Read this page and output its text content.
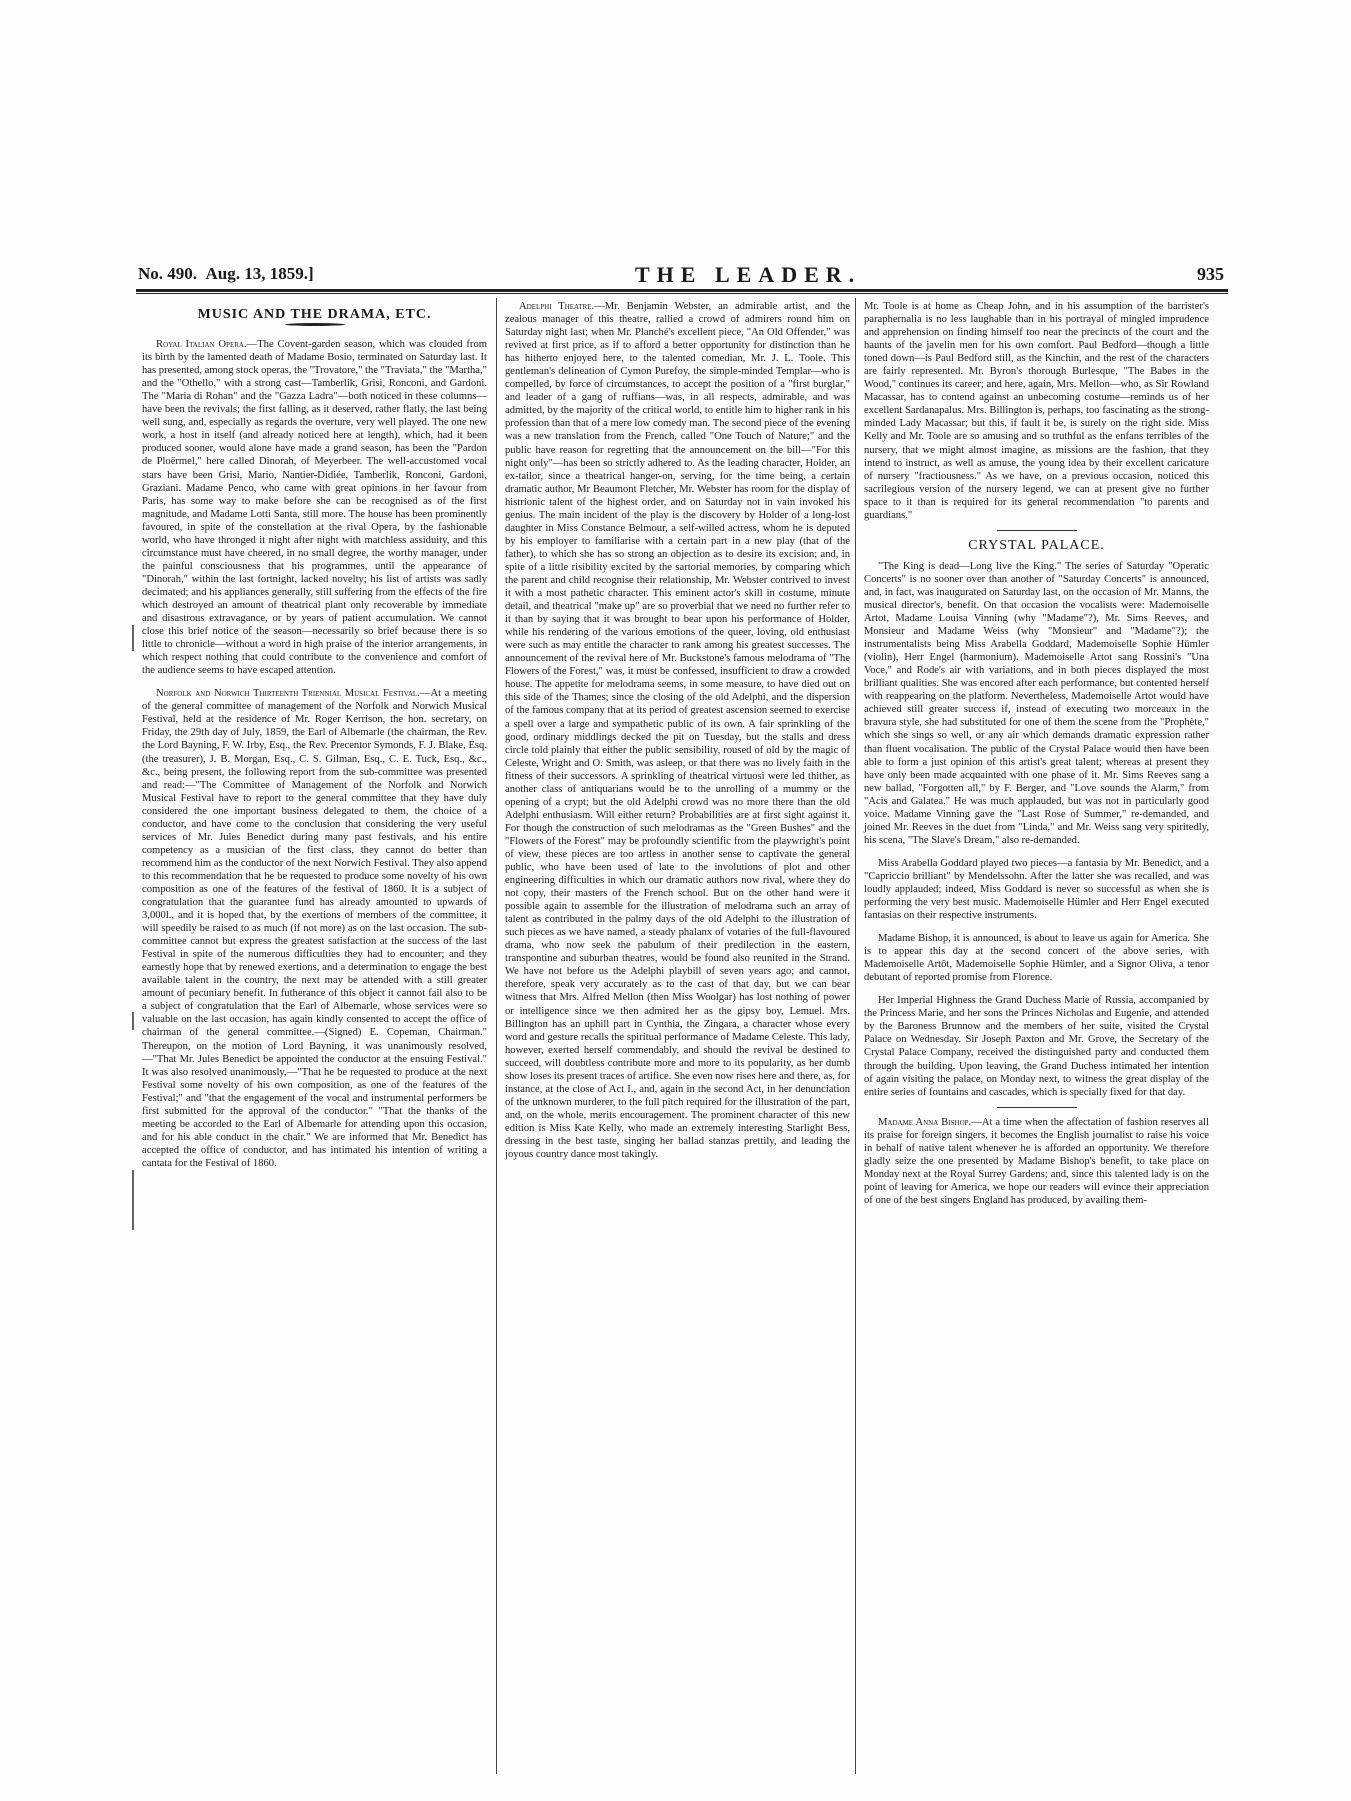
No. 490. Aug. 13, 1859.]	THE LEADER.	935
MUSIC AND THE DRAMA, ETC.

Royal Italian Opera.—The Covent-garden season, which was clouded from its birth by the lamented death of Madame Bosio, terminated on Saturday last. It has presented, among stock operas, the "Trovatore," the "Traviata," the "Martha," and the "Othello," with a strong cast—Tamberlik, Grisi, Ronconi, and Gardoni. The "Maria di Rohan" and the "Gazza Ladra"—both noticed in these columns—have been the revivals; the first falling, as it deserved, rather flatly, the last being well sung, and, especially as regards the overture, very well played. The one new work, a host in itself (and already noticed here at length), which, had it been produced sooner, would alone have made a grand season, has been the "Pardon de Ploërmel," here called Dinorah, of Meyerbeer. The well-accustomed vocal stars have been Grisi, Mario, Nantier-Didiée, Tamberlik, Ronconi, Gardoni, Graziani. Madame Penco, who came with great opinions in her favour from Paris, has some way to make before she can be recognised as of the first magnitude, and Madame Lotti Santa, still more. The house has been prominently favoured, in spite of the constellation at the rival Opera, by the fashionable world, who have thronged it night after night with matchless assiduity, and this circumstance must have cheered, in no small degree, the worthy manager, under the painful consciousness that his programmes, until the appearance of "Dinorah," within the last fortnight, lacked novelty; his list of artists was sadly decimated; and his appliances generally, still suffering from the effects of the fire which destroyed an amount of theatrical plant only recoverable by immediate and disastrous extravagance, or by years of patient accumulation. We cannot close this brief notice of the season—necessarily so brief because there is so little to chronicle—without a word in high praise of the interior arrangements, in which respect nothing that could contribute to the convenience and comfort of the audience seems to have escaped attention.

Norfolk and Norwich Thirteenth Triennial Musical Festival.—At a meeting of the general committee of management of the Norfolk and Norwich Musical Festival, held at the residence of Mr. Roger Kerrison, the hon. secretary, on Friday, the 29th day of July, 1859, the Earl of Albemarle (the chairman, the Rev. the Lord Bayning, F. W. Irby, Esq., the Rev. Precentor Symonds, F. J. Blake, Esq. (the treasurer), J. B. Morgan, Esq., C. S. Gilman, Esq., C. E. Tuck, Esq., &c., &c., being present, the following report from the sub-committee was presented and read:—"The Committee of Management of the Norfolk and Norwich Musical Festival have to report to the general committee that they have duly considered the one important business delegated to them, the choice of a conductor, and have come to the conclusion that considering the very useful services of Mr. Jules Benedict during many past festivals, and his entire competency as a musician of the first class, they cannot do better than recommend him as the conductor of the next Norwich Festival. They also append to this recommendation that he be requested to produce some novelty of his own composition as one of the features of the festival of 1860. It is a subject of congratulation that the guarantee fund has already amounted to upwards of 3,000l., and it is hoped that, by the exertions of members of the committee, it will speedily be raised to as much (if not more) as on the last occasion. The sub-committee cannot but express the greatest satisfaction at the success of the last Festival in spite of the numerous difficulties they had to encounter; and they earnestly hope that by renewed exertions, and a determination to engage the best available talent in the country, the next may be attended with a still greater amount of pecuniary benefit. In futherance of this object it cannot fail also to be a subject of congratulation that the Earl of Albemarle, whose services were so valuable on the last occasion, has again kindly consented to accept the office of chairman of the general committee.—(Signed) E. Copeman, Chairman." Thereupon, on the motion of Lord Bayning, it was unanimously resolved,—"That Mr. Jules Benedict be appointed the conductor at the ensuing Festival." It was also resolved unanimously,—"That he be requested to produce at the next Festival some novelty of his own composition, as one of the features of the Festival;" and "that the engagement of the vocal and instrumental performers be first submitted for the approval of the conductor." "That the thanks of the meeting be accorded to the Earl of Albemarle for attending upon this occasion, and for his able conduct in the chair." We are informed that Mr. Benedict has accepted the office of conductor, and has intimated his intention of writing a cantata for the Festival of 1860.

Adelphi Theatre.—Mr. Benjamin Webster, an admirable artist, and the zealous manager of this theatre, rallied a crowd of admirers round him on Saturday night last; when Mr. Planché's excellent piece, "An Old Offender," was revived at first price, as if to afford a better opportunity for distinction than he has hitherto enjoyed here, to the talented comedian, Mr. J. L. Toole. This gentleman's delineation of Cymon Purefoy, the simple-minded Templar—who is compelled, by force of circumstances, to accept the position of a "first burglar," and leader of a gang of ruffians—was, in all respects, admirable, and was admitted, by the majority of the critical world, to entitle him to higher rank in his profession than that of a mere low comedy man. The second piece of the evening was a new translation from the French, called "One Touch of Nature;" and the public have reason for regretting that the announcement on the bill—"For this night only"—has been so strictly adhered to. As the leading character, Holder, an ex-tailor, since a theatrical hanger-on, serving, for the time being, a certain dramatic author, Mr Beaumont Fletcher, Mr. Webster has room for the display of histrionic talent of the highest order, and on Saturday not in vain invoked his genius. The main incident of the play is the discovery by Holder of a long-lost daughter in Miss Constance Belmour, a self-willed actress, whom he is deputed by his employer to familiarise with a certain part in a new play (that of the father), to which she has so strong an objection as to desire its excision; and, in spite of a little risibility excited by the sartorial memories, by comparing which the parent and child recognise their relationship, Mr. Webster contrived to invest it with a most pathetic character. This eminent actor's skill in costume, minute detail, and theatrical "make up" are so proverbial that we need no further refer to it than by saying that it was brought to bear upon his performance of Holder, while his rendering of the various emotions of the queer, loving, old enthusiast were such as may entitle the character to rank among his greatest successes. The announcement of the revival here of Mr. Buckstone's famous melodrama of "The Flowers of the Forest," was, it must be confessed, insufficient to draw a crowded house. The appetite for melodrama seems, in some measure, to have died out on this side of the Thames; since the closing of the old Adelphi, and the dispersion of the famous company that at its period of greatest ascension seemed to exercise a spell over a large and sympathetic public of its own. A fair sprinkling of the good, ordinary middlings decked the pit on Tuesday, but the stalls and dress circle told plainly that either the public sensibility, roused of old by the magic of Celeste, Wright and O. Smith, was asleep, or that there was no lively faith in the fitness of their successors. A sprinkling of theatrical virtuosi were led thither, as another class of antiquarians would be to the unrolling of a mummy or the opening of a crypt; but the old Adelphi crowd was no more there than the old Adelphi enthusiasm. Will either return? Probabilities are at first sight against it. For though the construction of such melodramas as the "Green Bushes" and the "Flowers of the Forest" may be profoundly scientific from the playwright's point of view, these pieces are too artless in another sense to captivate the general public, who have been used of late to the involutions of plot and other engineering difficulties in which our dramatic authors now rival, where they do not copy, their masters of the French school. But on the other hand were it possible again to assemble for the illustration of melodrama such an array of talent as contributed in the palmy days of the old Adelphi to the illustration of such pieces as we have named, a steady phalanx of votaries of the full-flavoured drama, who now seek the pabulum of their predilection in the eastern, transpontine and suburban theatres, would be found also reunited in the Strand. We have not before us the Adelphi playbill of seven years ago; and cannot, therefore, speak very accurately as to the cast of that day, but we can bear witness that Mrs. Alfred Mellon (then Miss Woolgar) has lost nothing of power or intelligence since we then admired her as the gipsy boy, Lemuel. Mrs. Billington has an uphill part in Cynthia, the Zingara, a character whose every word and gesture recalls the spiritual performance of Madame Celeste. This lady, however, exerted herself commendably, and should the revival be destined to succeed, will doubtless contribute more and more to its popularity, as her dumb show loses its present traces of artifice. She even now rises here and there, as, for instance, at the close of Act I., and, again in the second Act, in her denunciation of the unknown murderer, to the full pitch required for the illustration of the part, and, on the whole, merits encouragement. The prominent character of this new edition is Miss Kate Kelly, who made an extremely interesting Starlight Bess, dressing in the best taste, singing her ballad stanzas prettily, and leading the joyous country dance most takingly.

Mr. Toole is at home as Cheap John, and in his assumption of the barrister's paraphernalia is no less laughable than in his portrayal of mingled imprudence and apprehension on finding himself too near the precincts of the court and the haunts of the javelin men for his own comfort. Paul Bedford—though a little toned down—is Paul Bedford still, as the Kinchin, and the rest of the characters are fairly represented. Mr. Byron's thorough Burlesque, "The Babes in the Wood," continues its career; and here, again, Mrs. Mellon—who, as Sir Rowland Macassar, has to contend against an unbecoming costume—reminds us of her excellent Sardanapalus. Mrs. Billington is, perhaps, too fascinating as the strong-minded Lady Macassar; but this, if fault it be, is surely on the right side. Miss Kelly and Mr. Toole are so amusing and so truthful as the enfans terribles of the nursery, that we might almost imagine, as missions are the fashion, that they intend to instruct, as well as amuse, the young idea by their excellent caricature of nursery "fractiousness." As we have, on a previous occasion, noticed this sacrilegious version of the nursery legend, we can at present give no further space to it than is required for its general recommendation "to parents and guardians."

CRYSTAL PALACE.

"The King is dead—Long live the King." The series of Saturday "Operatic Concerts" is no sooner over than another of "Saturday Concerts" is announced, and, in fact, was inaugurated on Saturday last, on the occasion of Mr. Manns, the musical director's, benefit. On that occasion the vocalists were: Mademoiselle Artot, Madame Louisa Vinning (why "Madame"?), Mr. Sims Reeves, and Monsieur and Madame Weiss (why "Monsieur" and "Madame"?); the instrumentalists being Miss Arabella Goddard, Mademoiselle Sophie Hümler (violin), Herr Engel (harmonium). Mademoiselle Artot sang Rossini's "Una Voce," and Rode's air with variations, and in both pieces displayed the most brilliant qualities. She was encored after each performance, but contented herself with reappearing on the platform. Nevertheless, Mademoiselle Artot would have achieved still greater success if, instead of executing two morceaux in the bravura style, she had substituted for one of them the scene from the "Prophète," which she sings so well, or any air which demands dramatic expression rather than fluent vocalisation. The public of the Crystal Palace would then have been able to form a just opinion of this artist's great talent; whereas at present they have only been made acquainted with one phase of it. Mr. Sims Reeves sang a new ballad, "Forgotten all," by F. Berger, and "Love sounds the Alarm," from "Acis and Galatea." He was much applauded, but was not in particularly good voice. Madame Vinning gave the "Last Rose of Summer," re-demanded, and joined Mr. Reeves in the duet from "Linda," and Mr. Weiss sang very spiritedly, his scena, "The Slave's Dream," also re-demanded.

Miss Arabella Goddard played two pieces—a fantasia by Mr. Benedict, and a "Capriccio brilliant" by Mendelssohn. After the latter she was recalled, and was loudly applauded; indeed, Miss Goddard is never so successful as when she is performing the very best music. Mademoiselle Hümler and Herr Engel executed fantasias on their respective instruments.

Madame Bishop, it is announced, is about to leave us again for America. She is to appear this day at the second concert of the above series, with Mademoiselle Artôt, Mademoiselle Sophie Hümler, and a Signor Oliva, a tenor debutant of reported promise from Florence.

Her Imperial Highness the Grand Duchess Marie of Russia, accompanied by the Princess Marie, and her sons the Princes Nicholas and Eugenie, and attended by the Baroness Brunnow and the members of her suite, visited the Crystal Palace on Wednesday. Sir Joseph Paxton and Mr. Grove, the Secretary of the Crystal Palace Company, received the distinguished party and conducted them through the building. Upon leaving, the Grand Duchess intimated her intention of again visiting the palace, on Monday next, to witness the great display of the entire series of fountains and cascades, which is specially fixed for that day.

Madame Anna Bishop.—At a time when the affectation of fashion reserves all its praise for foreign singers, it becomes the English journalist to raise his voice in behalf of native talent whenever he is afforded an opportunity. We therefore gladly seize the one presented by Madame Bishop's benefit, to take place on Monday next at the Royal Surrey Gardens; and, since this talented lady is on the point of leaving for America, we hope our readers will evince their appreciation of one of the best singers England has produced, by availing them-
